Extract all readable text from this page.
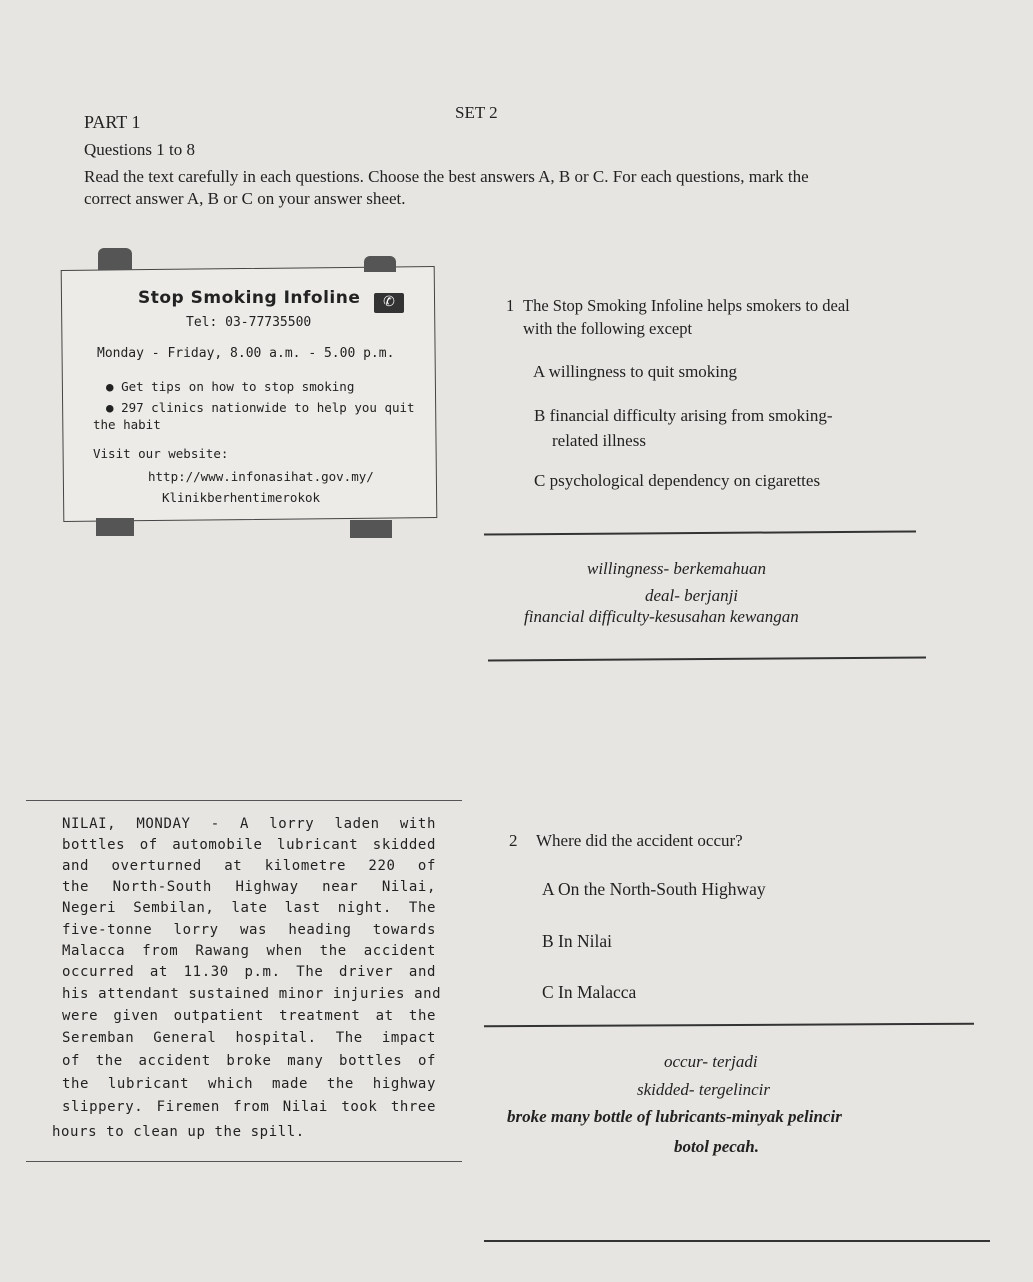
SET 2
PART 1
Questions 1 to 8
Read the text carefully in each questions. Choose the best answers A, B or C. For each questions, mark the correct answer A, B or C on your answer sheet.
Stop Smoking Infoline	✆
Tel: 03-77735500
Monday - Friday, 8.00 a.m. - 5.00 p.m.
● Get tips on how to stop smoking
● 297 clinics nationwide to help you quit
the habit
Visit our website:
http://www.infonasihat.gov.my/
Klinikberhentimerokok
1 The Stop Smoking Infoline helps smokers to deal
with the following except
A willingness to quit smoking
B financial difficulty arising from smoking-
related illness
C psychological dependency on cigarettes
willingness- berkemahuan
deal- berjanji
financial difficulty-kesusahan kewangan
NILAI, MONDAY - A lorry laden with
bottles of automobile lubricant skidded
and overturned at kilometre 220 of
the North-South Highway near Nilai,
Negeri Sembilan, late last night. The
five-tonne lorry was heading towards
Malacca from Rawang when the accident
occurred at 11.30 p.m. The driver and
his attendant sustained minor injuries and
were given outpatient treatment at the
Seremban General hospital. The impact
of the accident broke many bottles of
the lubricant which made the highway
slippery. Firemen from Nilai took three
hours to clean up the spill.
2 Where did the accident occur?
A On the North-South Highway
B In Nilai
C In Malacca
occur- terjadi
skidded- tergelincir
broke many bottle of lubricants-minyak pelincir
botol pecah.
